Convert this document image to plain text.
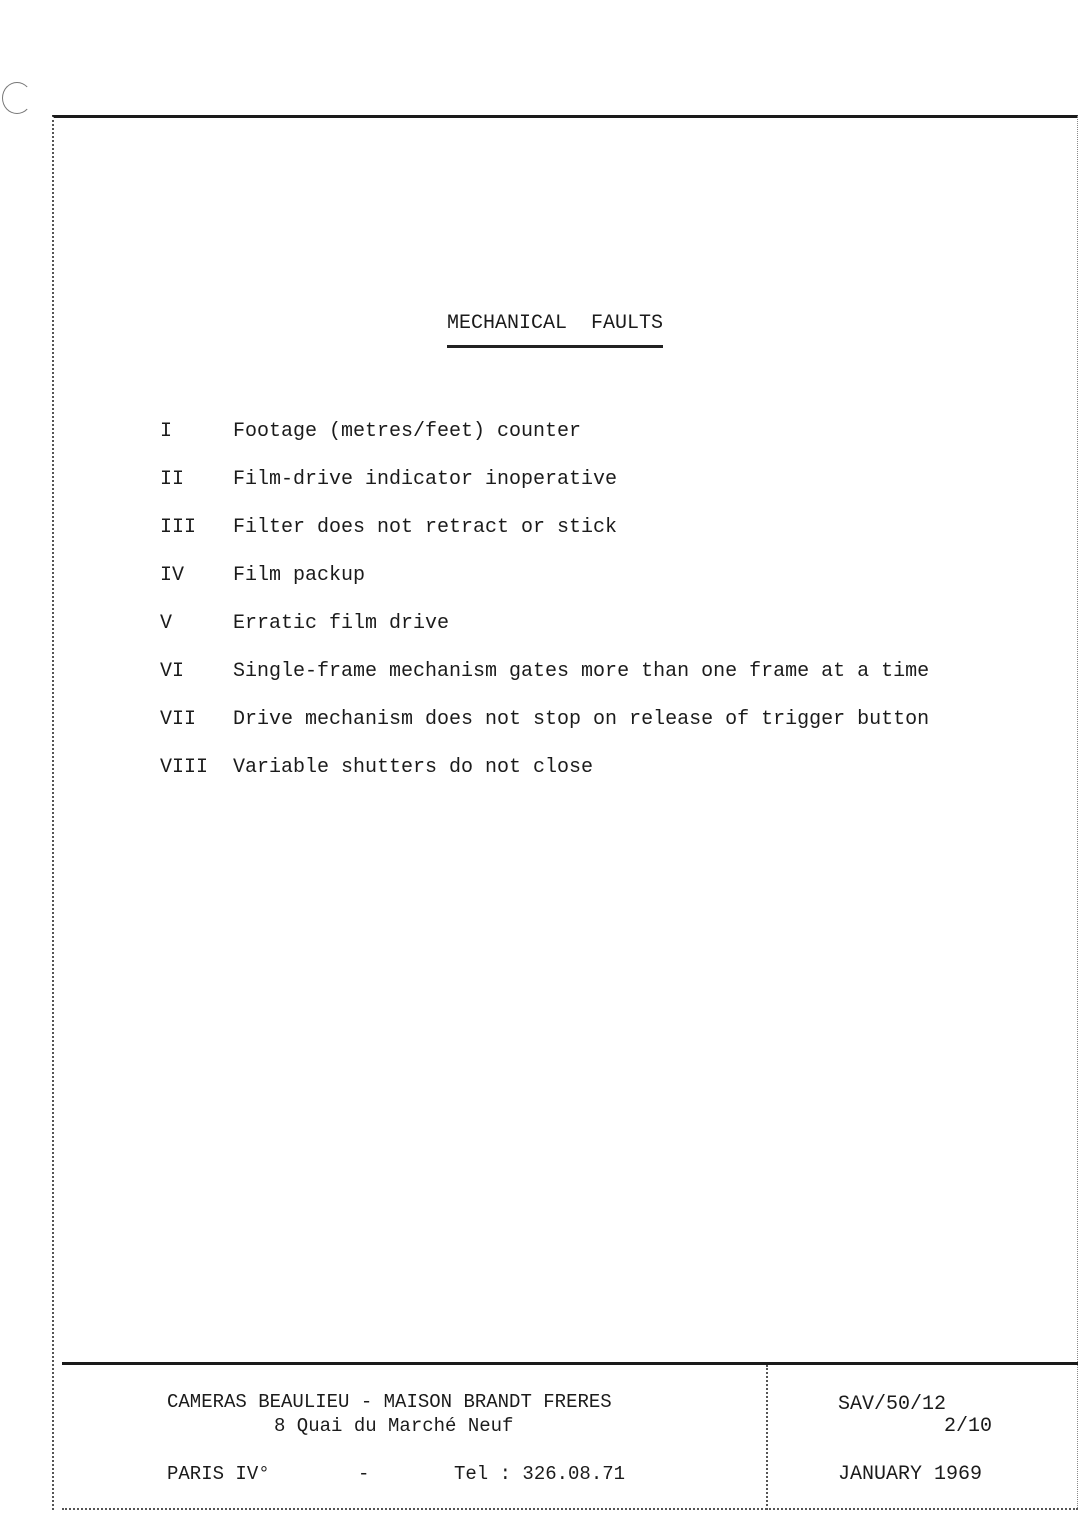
MECHANICAL  FAULTS
I	Footage (metres/feet) counter
II	Film-drive indicator inoperative
III	Filter does not retract or stick
IV	Film packup
V	Erratic film drive
VI	Single-frame mechanism gates more than one frame at a time
VII	Drive mechanism does not stop on release of trigger button
VIII	Variable shutters do not close
CAMERAS BEAULIEU - MAISON BRANDT FRERES
8 Quai du Marché Neuf
PARIS IV°	-	Tel : 326.08.71
SAV/50/12
2/10
JANUARY 1969
